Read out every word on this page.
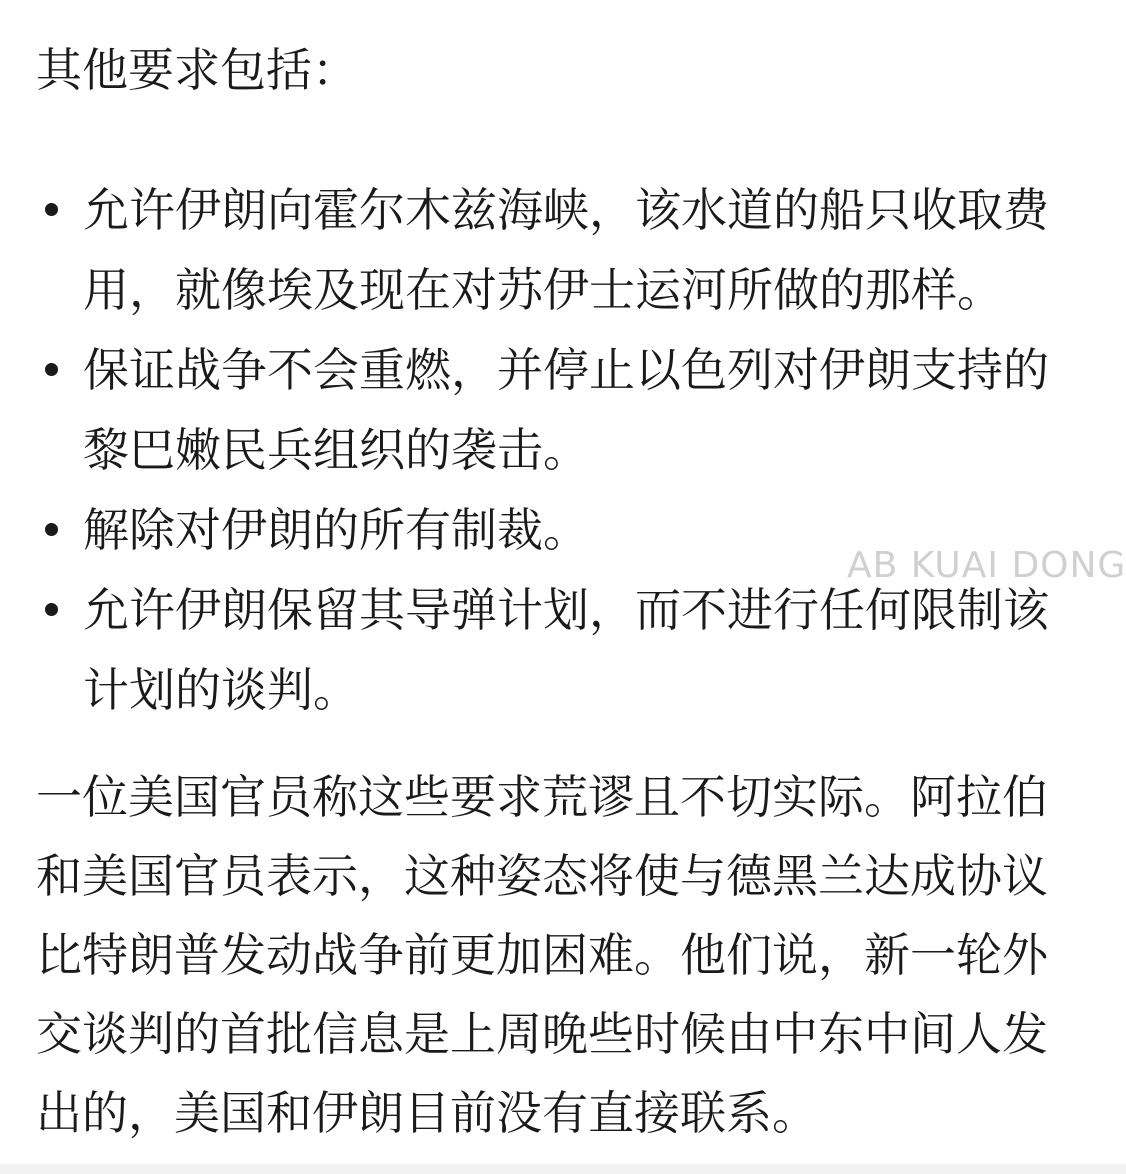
其他要求包括：

允许伊朗向霍尔木兹海峡，该水道的船只收取费用，就像埃及现在对苏伊士运河所做的那样。
保证战争不会重燃，并停止以色列对伊朗支持的黎巴嫩民兵组织的袭击。
解除对伊朗的所有制裁。
允许伊朗保留其导弹计划，而不进行任何限制该计划的谈判。

一位美国官员称这些要求荒谬且不切实际。阿拉伯和美国官员表示，这种姿态将使与德黑兰达成协议比特朗普发动战争前更加困难。他们说，新一轮外交谈判的首批信息是上周晚些时候由中东中间人发出的，美国和伊朗目前没有直接联系。

AB KUAI DONG
